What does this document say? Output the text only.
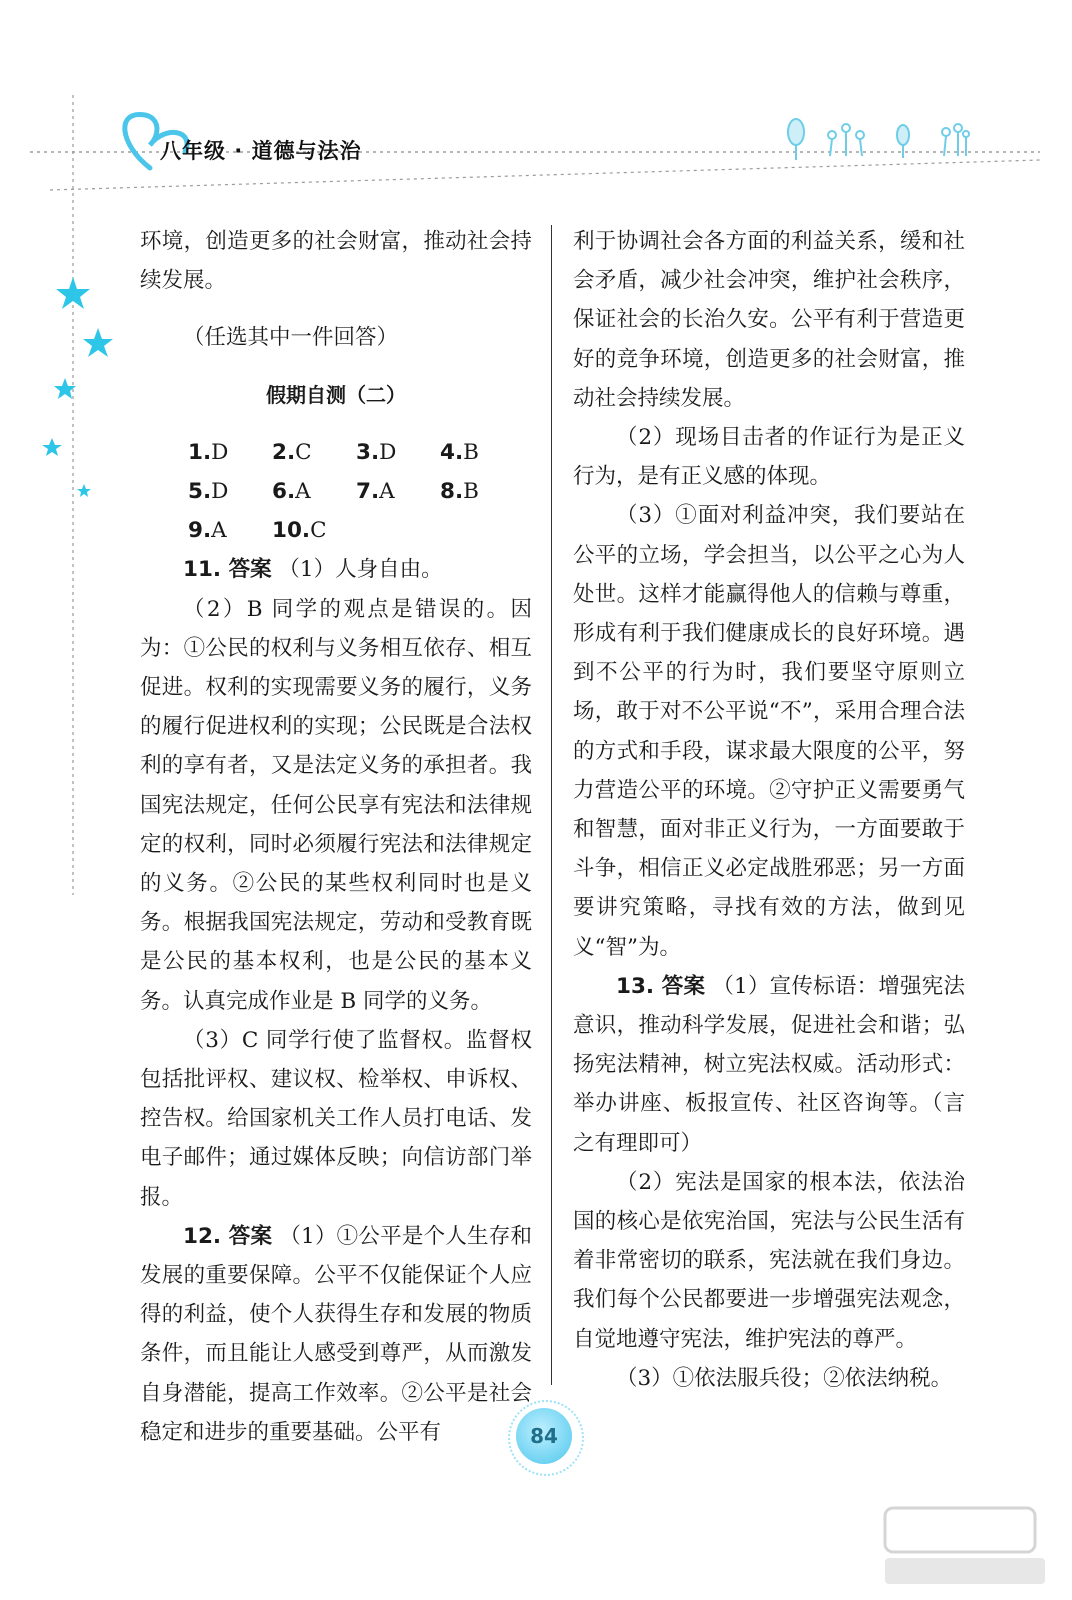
八年级 · 道德与法治

环境，创造更多的社会财富，推动社会持续发展。

（任选其中一件回答）

假期自测（二）

1.D	2.C	3.D	4.B
5.D	6.A	7.A	8.B
9.A	10.C

11. 答案 （1）人身自由。

（2）B 同学的观点是错误的。因为：①公民的权利与义务相互依存、相互促进。权利的实现需要义务的履行，义务的履行促进权利的实现；公民既是合法权利的享有者，又是法定义务的承担者。我国宪法规定，任何公民享有宪法和法律规定的权利，同时必须履行宪法和法律规定的义务。②公民的某些权利同时也是义务。根据我国宪法规定，劳动和受教育既是公民的基本权利，也是公民的基本义务。认真完成作业是 B 同学的义务。

（3）C 同学行使了监督权。监督权包括批评权、建议权、检举权、申诉权、控告权。给国家机关工作人员打电话、发电子邮件；通过媒体反映；向信访部门举报。

12. 答案 （1）①公平是个人生存和发展的重要保障。公平不仅能保证个人应得的利益，使个人获得生存和发展的物质条件，而且能让人感受到尊严，从而激发自身潜能，提高工作效率。②公平是社会稳定和进步的重要基础。公平有

利于协调社会各方面的利益关系，缓和社会矛盾，减少社会冲突，维护社会秩序，保证社会的长治久安。公平有利于营造更好的竞争环境，创造更多的社会财富，推动社会持续发展。

（2）现场目击者的作证行为是正义行为，是有正义感的体现。

（3）①面对利益冲突，我们要站在公平的立场，学会担当，以公平之心为人处世。这样才能赢得他人的信赖与尊重，形成有利于我们健康成长的良好环境。遇到不公平的行为时，我们要坚守原则立场，敢于对不公平说“不”，采用合理合法的方式和手段，谋求最大限度的公平，努力营造公平的环境。②守护正义需要勇气和智慧，面对非正义行为，一方面要敢于斗争，相信正义必定战胜邪恶；另一方面要讲究策略，寻找有效的方法，做到见义“智”为。

13. 答案 （1）宣传标语：增强宪法意识，推动科学发展，促进社会和谐；弘扬宪法精神，树立宪法权威。活动形式：举办讲座、板报宣传、社区咨询等。（言之有理即可）

（2）宪法是国家的根本法，依法治国的核心是依宪治国，宪法与公民生活有着非常密切的联系，宪法就在我们身边。我们每个公民都要进一步增强宪法观念，自觉地遵守宪法，维护宪法的尊严。

（3）①依法服兵役；②依法纳税。

84
